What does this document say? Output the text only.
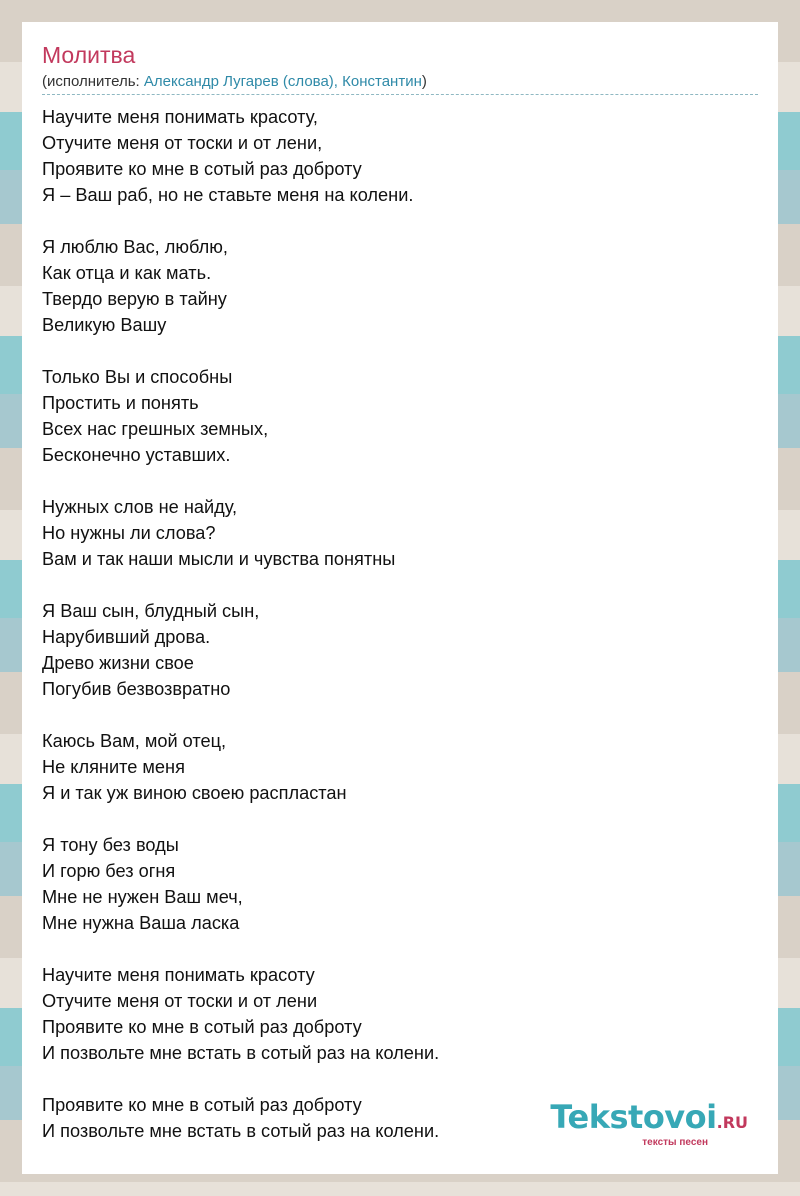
Молитва
(исполнитель: Александр Лугарев (слова), Константин)
Научите меня понимать красоту,
Отучите меня от тоски и от лени,
Проявите ко мне в сотый раз доброту
Я – Ваш раб, но не ставьте меня на колени.
Я люблю Вас, люблю,
Как отца и как мать.
Твердо верую в тайну
Великую Вашу
Только Вы и способны
Простить и понять
Всех нас грешных земных,
Бесконечно уставших.
Нужных слов не найду,
Но нужны ли слова?
Вам и так наши мысли и чувства понятны
Я Ваш сын, блудный сын,
Нарубивший дрова.
Древо жизни свое
Погубив безвозвратно
Каюсь Вам, мой отец,
Не кляните меня
Я и так уж виною своею распластан
Я тону без воды
И горю без огня
Мне не нужен Ваш меч,
Мне нужна Ваша ласка
Научите меня понимать красоту
Отучите меня от тоски и от лени
Проявите ко мне в сотый раз доброту
И позвольте мне встать в сотый раз на колени.
Проявите ко мне в сотый раз доброту
И позвольте мне встать в сотый раз на колени.	Tekstovoi.RU
тексты песен
